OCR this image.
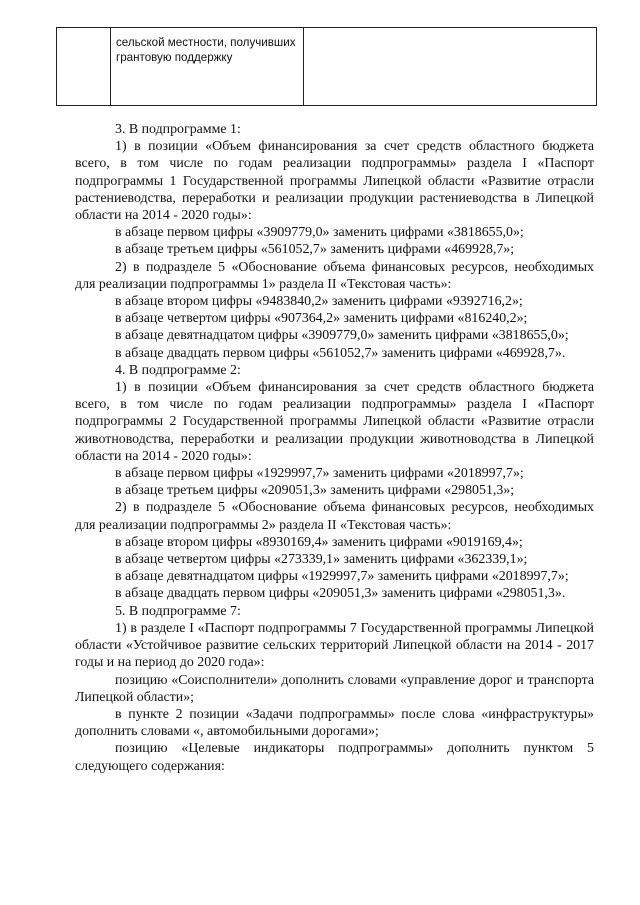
сельской местности, получивших грантовую поддержку

3. В подпрограмме 1:

1) в позиции «Объем финансирования за счет средств областного бюджета всего, в том числе по годам реализации подпрограммы» раздела I «Паспорт подпрограммы 1 Государственной программы Липецкой области «Развитие отрасли растениеводства, переработки и реализации продукции растениеводства в Липецкой области на 2014 - 2020 годы»:

в абзаце первом цифры «3909779,0» заменить цифрами «3818655,0»;

в абзаце третьем цифры «561052,7» заменить цифрами «469928,7»;

2) в подразделе 5 «Обоснование объема финансовых ресурсов, необходимых для реализации подпрограммы 1» раздела II «Текстовая часть»:

в абзаце втором цифры «9483840,2» заменить цифрами «9392716,2»;

в абзаце четвертом цифры «907364,2» заменить цифрами «816240,2»;

в абзаце девятнадцатом цифры «3909779,0» заменить цифрами «3818655,0»;

в абзаце двадцать первом цифры «561052,7» заменить цифрами «469928,7».

4. В подпрограмме 2:

1) в позиции «Объем финансирования за счет средств областного бюджета всего, в том числе по годам реализации подпрограммы» раздела I «Паспорт подпрограммы 2 Государственной программы Липецкой области «Развитие отрасли животноводства, переработки и реализации продукции животноводства в Липецкой области на 2014 - 2020 годы»:

в абзаце первом цифры «1929997,7» заменить цифрами «2018997,7»;

в абзаце третьем цифры «209051,3» заменить цифрами «298051,3»;

2) в подразделе 5 «Обоснование объема финансовых ресурсов, необходимых для реализации подпрограммы 2» раздела II «Текстовая часть»:

в абзаце втором цифры «8930169,4» заменить цифрами «9019169,4»;

в абзаце четвертом цифры «273339,1» заменить цифрами «362339,1»;

в абзаце девятнадцатом цифры «1929997,7» заменить цифрами «2018997,7»;

в абзаце двадцать первом цифры «209051,3» заменить цифрами «298051,3».

5. В подпрограмме 7:

1) в разделе I «Паспорт подпрограммы 7 Государственной программы Липецкой области «Устойчивое развитие сельских территорий Липецкой области на 2014 - 2017 годы и на период до 2020 года»:

позицию «Соисполнители» дополнить словами «управление дорог и транспорта Липецкой области»;

в пункте 2 позиции «Задачи подпрограммы» после слова «инфраструктуры» дополнить словами «, автомобильными дорогами»;

позицию «Целевые индикаторы подпрограммы» дополнить пунктом 5 следующего содержания:
